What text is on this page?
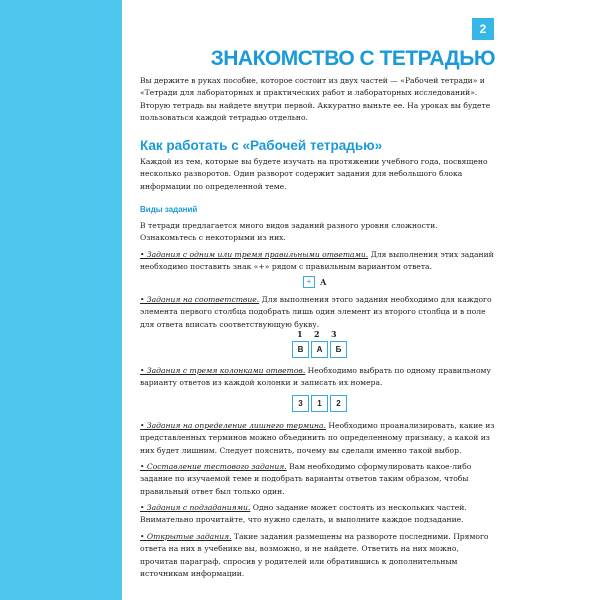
2
ЗНАКОМСТВО С ТЕТРАДЬЮ

Вы держите в руках пособие, которое состоит из двух частей — «Рабочей тетради» и «Тетради для лабораторных и практических работ и лабораторных исследований». Вторую тетрадь вы найдете внутри первой. Аккуратно выньте ее. На уроках вы будете пользоваться каждой тетрадью отдельно.

Как работать с «Рабочей тетрадью»

Каждой из тем, которые вы будете изучать на протяжении учебного года, посвящено несколько разворотов. Один разворот содержит задания для небольшого блока информации по определенной теме.

Виды заданий

В тетради предлагается много видов заданий разного уровня сложности. Ознакомьтесь с некоторыми из них.

• Задания с одним или тремя правильными ответами. Для выполнения этих заданий необходимо поставить знак «+» рядом с правильным вариантом ответа.

+	А

• Задания на соответствие. Для выполнения этого задания необходимо для каждого элемента первого столбца подобрать лишь один элемент из второго столбца и в поле для ответа вписать соответствующую букву.

1 2 3
В	А	Б

• Задания с тремя колонками ответов. Необходимо выбрать по одному правильному варианту ответов из каждой колонки и записать их номера.

3	1	2

• Задания на определение лишнего термина. Необходимо проанализировать, какие из представленных терминов можно объединить по определенному признаку, а какой из них будет лишним. Следует пояснить, почему вы сделали именно такой выбор.

• Составление тестового задания. Вам необходимо сформулировать какое-либо задание по изучаемой теме и подобрать варианты ответов таким образом, чтобы правильный ответ был только один.

• Задания с подзаданиями. Одно задание может состоять из нескольких частей. Внимательно прочитайте, что нужно сделать, и выполните каждое подзадание.

• Открытые задания. Такие задания размещены на развороте последними. Прямого ответа на них в учебнике вы, возможно, и не найдете. Ответить на них можно, прочитав параграф, спросив у родителей или обратившись к дополнительным источникам информации.
